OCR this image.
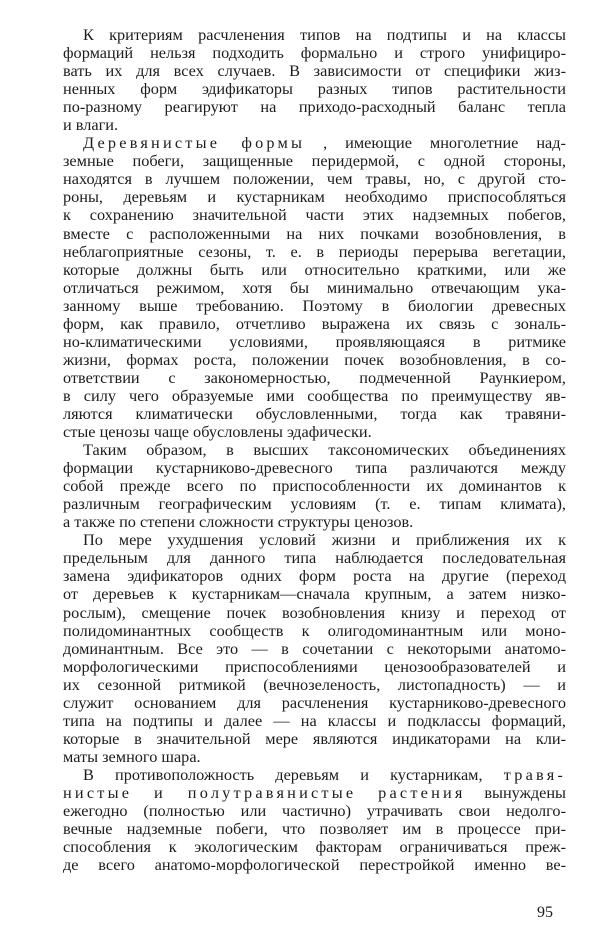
К критериям расчленения типов на подтипы и на классы
формаций нельзя подходить формально и строго унифициро-
вать их для всех случаев. В зависимости от специфики жиз-
ненных форм эдификаторы разных типов растительности
по-разному реагируют на приходо-расходный баланс тепла
и влаги.
Деревянистые формы , имеющие многолетние над-
земные побеги, защищенные перидермой, с одной стороны,
находятся в лучшем положении, чем травы, но, с другой сто-
роны, деревьям и кустарникам необходимо приспособляться
к сохранению значительной части этих надземных побегов,
вместе с расположенными на них почками возобновления, в
неблагоприятные сезоны, т. е. в периоды перерыва вегетации,
которые должны быть или относительно краткими, или же
отличаться режимом, хотя бы минимально отвечающим ука-
занному выше требованию. Поэтому в биологии древесных
форм, как правило, отчетливо выражена их связь с зональ-
но-климатическими условиями, проявляющаяся в ритмике
жизни, формах роста, положении почек возобновления, в со-
ответствии с закономерностью, подмеченной Раункиером,
в силу чего образуемые ими сообщества по преимуществу яв-
ляются климатически обусловленными, тогда как травяни-
стые ценозы чаще обусловлены эдафически.
Таким образом, в высших таксономических объединениях
формации кустарниково-древесного типа различаются между
собой прежде всего по приспособленности их доминантов к
различным географическим условиям (т. е. типам климата),
а также по степени сложности структуры ценозов.
По мере ухудшения условий жизни и приближения их к
предельным для данного типа наблюдается последовательная
замена эдификаторов одних форм роста на другие (переход
от деревьев к кустарникам—сначала крупным, а затем низко-
рослым), смещение почек возобновления книзу и переход от
полидоминантных сообществ к олигодоминантным или моно-
доминантным. Все это — в сочетании с некоторыми анатомо-
морфологическими приспособлениями ценозообразователей и
их сезонной ритмикой (вечнозеленость, листопадность) — и
служит основанием для расчленения кустарниково-древесного
типа на подтипы и далее — на классы и подклассы формаций,
которые в значительной мере являются индикаторами на кли-
маты земного шара.
В противоположность деревьям и кустарникам, травя-
нистые и полутравянистые растения вынуждены
ежегодно (полностью или частично) утрачивать свои недолго-
вечные надземные побеги, что позволяет им в процессе при-
способления к экологическим факторам ограничиваться преж-
де всего анатомо-морфологической перестройкой именно ве-
95
